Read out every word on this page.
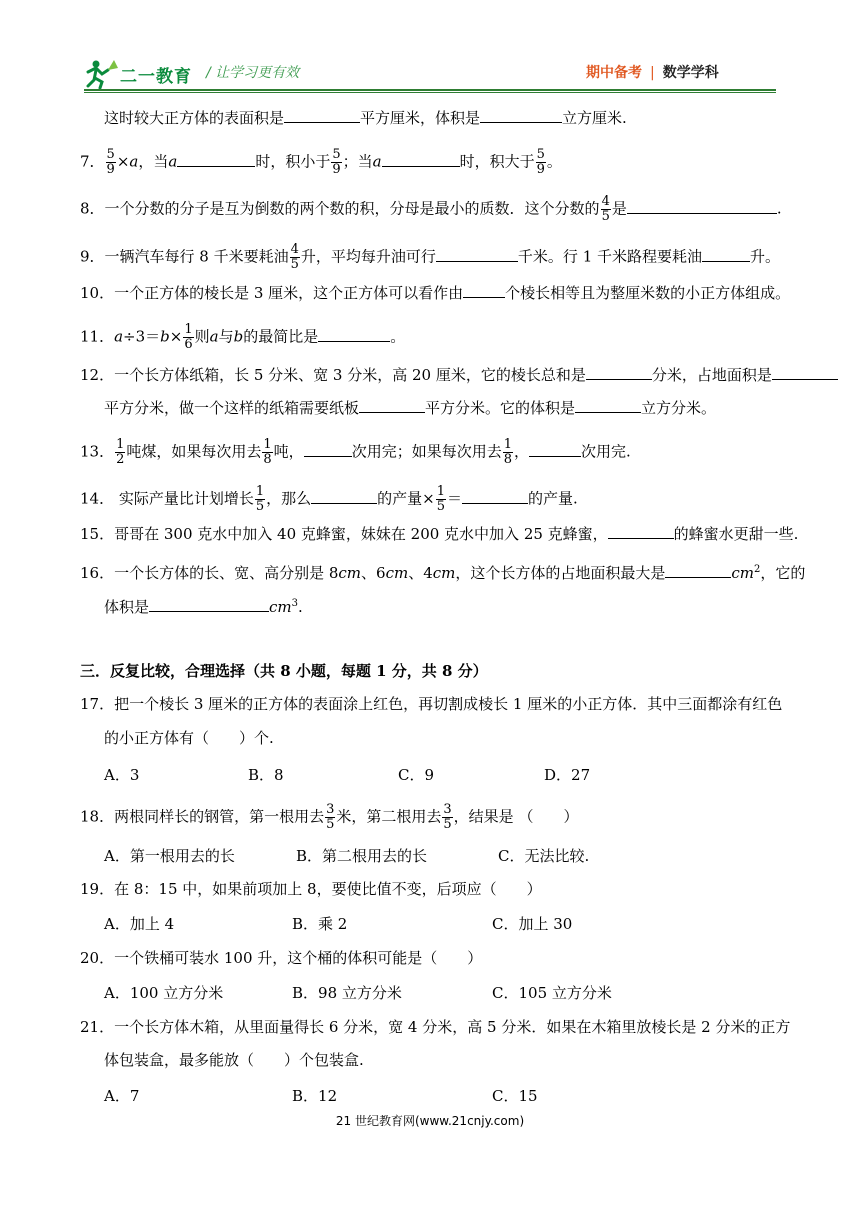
二一教育 / 让学习更有效	期中备考 | 数学学科
这时较大正方体的表面积是	平方厘米，体积是	立方厘米.
7． $\frac{5}{9} \times a$，当a	时，积小于 $\frac{5}{9}$ ；当a	时，积大于 $\frac{5}{9}$ 。
8．一个分数的分子是互为倒数的两个数的积，分母是最小的质数．这个分数的 $\frac{4}{5}$ 是	.
9．一辆汽车每行 8 千米要耗油 $\frac{4}{5}$ 升，平均每升油可行	千米。行 1 千米路程要耗油	升。
10．一个正方体的棱长是 3 厘米，这个正方体可以看作由	个棱长相等且为整厘米数的小正方体组成。
11．$a\div 3=b\times \frac{1}{6}$ 则a与b的最简比是	。
12．一个长方体纸箱，长 5 分米、宽 3 分米，高 20 厘米，它的棱长总和是	分米，占地面积是
平方分米，做一个这样的纸箱需要纸板	平方分米。它的体积是	立方分米。
13． $\frac{1}{2}$ 吨煤，如果每次用去 $\frac{1}{8}$ 吨，	次用完；如果每次用去 $\frac{1}{8}$ ，	次用完.
14． 实际产量比计划增长 $\frac{1}{5}$ ，那么	的产量× $\frac{1}{5}$ ＝	的产量.
15．哥哥在 300 克水中加入 40 克蜂蜜，妹妹在 200 克水中加入 25 克蜂蜜，	的蜂蜜水更甜一些.
16．一个长方体的长、宽、高分别是 8cm、6cm、4cm，这个长方体的占地面积最大是	$cm^2$，它的
体积是	$cm^3$.
三．反复比较，合理选择（共 8 小题，每题 1 分，共 8 分）
17．把一个棱长 3 厘米的正方体的表面涂上红色，再切割成棱长 1 厘米的小正方体．其中三面都涂有红色
的小正方体有（　　）个.
A．3	B．8	C．9	D．27
18．两根同样长的钢管，第一根用去 $\frac{3}{5}$ 米，第二根用去 $\frac{3}{5}$ ，结果是 （　　）
A．第一根用去的长	B．第二根用去的长	C．无法比较.
19．在 8：15 中，如果前项加上 8，要使比值不变，后项应（　　）
A．加上 4	B．乘 2	C．加上 30
20．一个铁桶可装水 100 升，这个桶的体积可能是（　　）
A．100 立方分米	B．98 立方分米	C．105 立方分米
21．一个长方体木箱，从里面量得长 6 分米，宽 4 分米，高 5 分米．如果在木箱里放棱长是 2 分米的正方
体包装盒，最多能放（　　）个包装盒.
A．7	B．12	C．15
21 世纪教育网(www.21cnjy.com)
